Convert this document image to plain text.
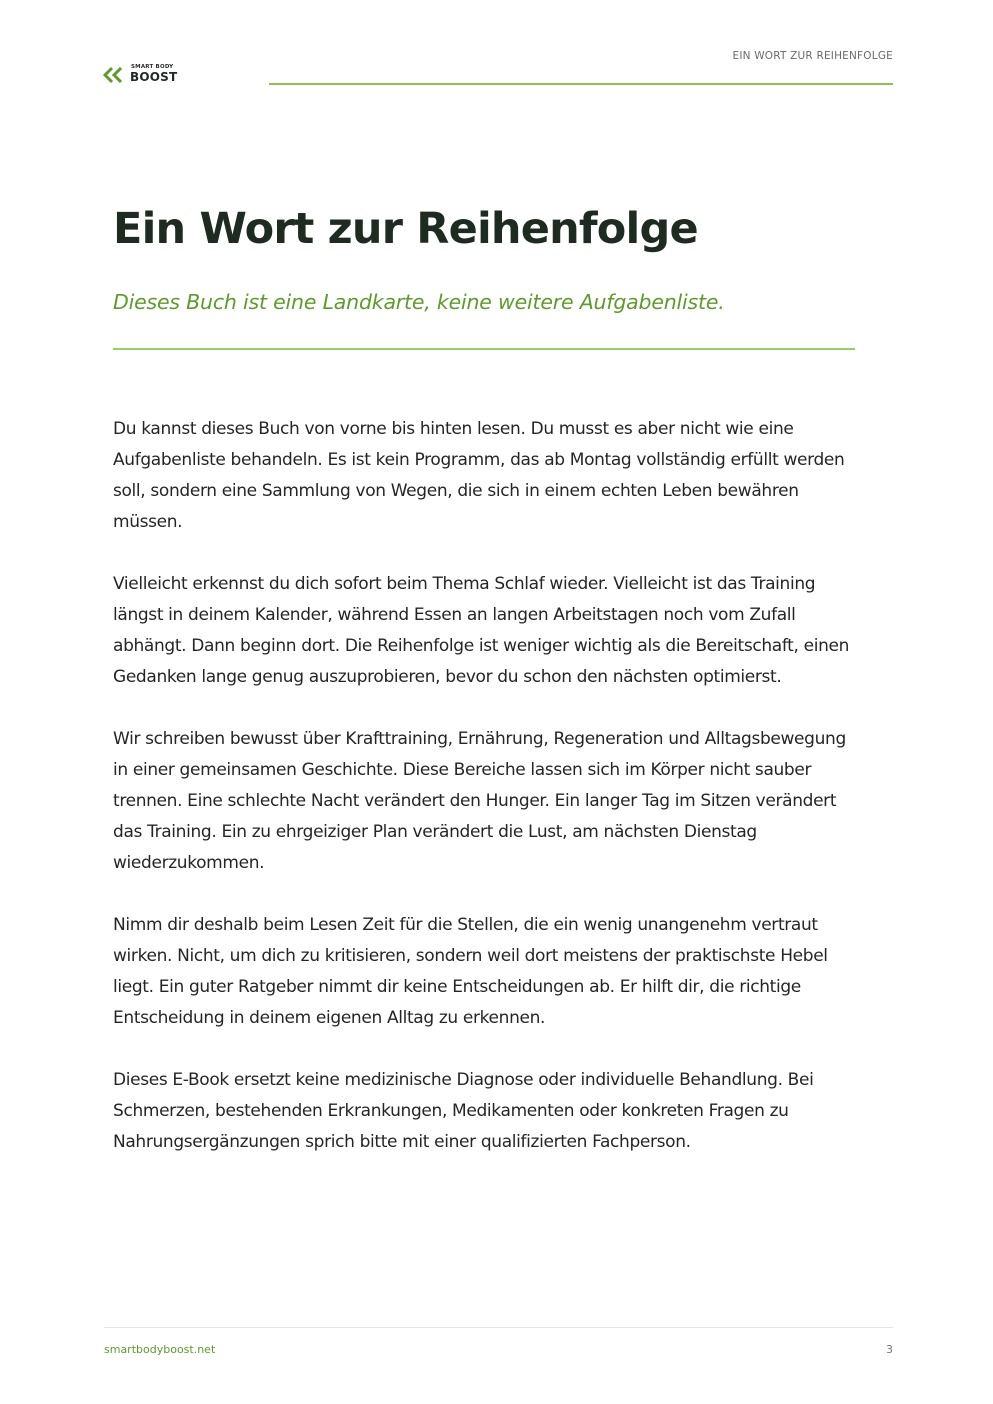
SMART BODY
BOOST
EIN WORT ZUR REIHENFOLGE
Ein Wort zur Reihenfolge

Dieses Buch ist eine Landkarte, keine weitere Aufgabenliste.

Du kannst dieses Buch von vorne bis hinten lesen. Du musst es aber nicht wie eine Aufgabenliste behandeln. Es ist kein Programm, das ab Montag vollständig erfüllt werden soll, sondern eine Sammlung von Wegen, die sich in einem echten Leben bewähren müssen.

Vielleicht erkennst du dich sofort beim Thema Schlaf wieder. Vielleicht ist das Training längst in deinem Kalender, während Essen an langen Arbeitstagen noch vom Zufall abhängt. Dann beginn dort. Die Reihenfolge ist weniger wichtig als die Bereitschaft, einen Gedanken lange genug auszuprobieren, bevor du schon den nächsten optimierst.

Wir schreiben bewusst über Krafttraining, Ernährung, Regeneration und Alltagsbewegung in einer gemeinsamen Geschichte. Diese Bereiche lassen sich im Körper nicht sauber trennen. Eine schlechte Nacht verändert den Hunger. Ein langer Tag im Sitzen verändert das Training. Ein zu ehrgeiziger Plan verändert die Lust, am nächsten Dienstag wiederzukommen.

Nimm dir deshalb beim Lesen Zeit für die Stellen, die ein wenig unangenehm vertraut wirken. Nicht, um dich zu kritisieren, sondern weil dort meistens der praktischste Hebel liegt. Ein guter Ratgeber nimmt dir keine Entscheidungen ab. Er hilft dir, die richtige Entscheidung in deinem eigenen Alltag zu erkennen.

Dieses E-Book ersetzt keine medizinische Diagnose oder individuelle Behandlung. Bei Schmerzen, bestehenden Erkrankungen, Medikamenten oder konkreten Fragen zu Nahrungsergänzungen sprich bitte mit einer qualifizierten Fachperson.

smartbodyboost.net	3
